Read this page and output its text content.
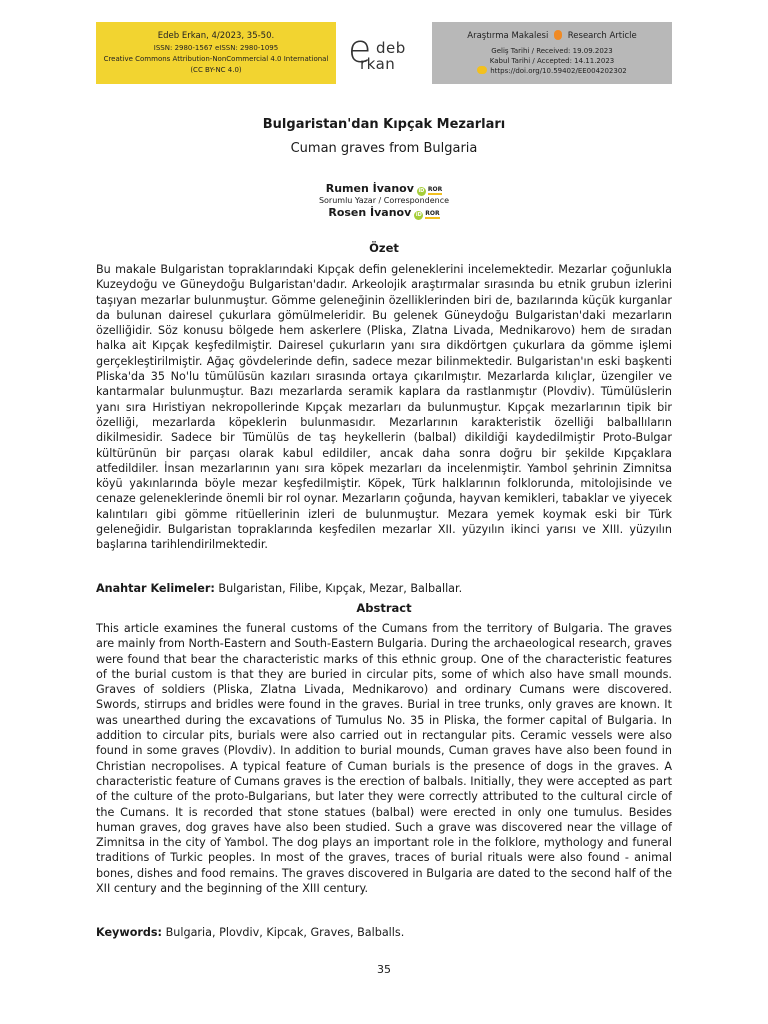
Edeb Erkan, 4/2023, 35-50.
ISSN: 2980-1567 eISSN: 2980-1095
Creative Commons Attribution-NonCommercial 4.0 International
(CC BY-NC 4.0)	e deb
rkan
Araştırma Makalesi Research Article
Geliş Tarihi / Received: 19.09.2023
Kabul Tarihi / Accepted: 14.11.2023
https://doi.org/10.59402/EE004202302
Bulgaristan'dan Kıpçak Mezarları
Cuman graves from Bulgaria
Rumen İvanov iD ROR
Sorumlu Yazar / Correspondence
Rosen İvanov iD ROR
Özet
Bu makale Bulgaristan topraklarındaki Kıpçak defin geleneklerini incelemektedir. Mezarlar çoğunlukla Kuzeydoğu ve Güneydoğu Bulgaristan'dadır. Arkeolojik araştırmalar sırasında bu etnik grubun izlerini taşıyan mezarlar bulunmuştur. Gömme geleneğinin özelliklerinden biri de, bazılarında küçük kurganlar da bulunan dairesel çukurlara gömülmeleridir. Bu gelenek Güneydoğu Bulgaristan'daki mezarların özelliğidir. Söz konusu bölgede hem askerlere (Pliska, Zlatna Livada, Mednikarovo) hem de sıradan halka ait Kıpçak keşfedilmiştir. Dairesel çukurların yanı sıra dikdörtgen çukurlara da gömme işlemi gerçekleştirilmiştir. Ağaç gövdelerinde defin, sadece mezar bilinmektedir. Bulgaristan'ın eski başkenti Pliska'da 35 No'lu tümülüsün kazıları sırasında ortaya çıkarılmıştır. Mezarlarda kılıçlar, üzengiler ve kantarmalar bulunmuştur. Bazı mezarlarda seramik kaplara da rastlanmıştır (Plovdiv). Tümülüslerin yanı sıra Hıristiyan nekropollerinde Kıpçak mezarları da bulunmuştur. Kıpçak mezarlarının tipik bir özelliği, mezarlarda köpeklerin bulunmasıdır. Mezarlarının karakteristik özelliği balballıların dikilmesidir. Sadece bir Tümülüs de taş heykellerin (balbal) dikildiği kaydedilmiştir Proto-Bulgar kültürünün bir parçası olarak kabul edildiler, ancak daha sonra doğru bir şekilde Kıpçaklara atfedildiler. İnsan mezarlarının yanı sıra köpek mezarları da incelenmiştir. Yambol şehrinin Zimnitsa köyü yakınlarında böyle mezar keşfedilmiştir. Köpek, Türk halklarının folklorunda, mitolojisinde ve cenaze geleneklerinde önemli bir rol oynar. Mezarların çoğunda, hayvan kemikleri, tabaklar ve yiyecek kalıntıları gibi gömme ritüellerinin izleri de bulunmuştur. Mezara yemek koymak eski bir Türk geleneğidir. Bulgaristan topraklarında keşfedilen mezarlar XII. yüzyılın ikinci yarısı ve XIII. yüzyılın başlarına tarihlendirilmektedir.
Anahtar Kelimeler: Bulgaristan, Filibe, Kıpçak, Mezar, Balballar.
Abstract
This article examines the funeral customs of the Cumans from the territory of Bulgaria. The graves are mainly from North-Eastern and South-Eastern Bulgaria. During the archaeological research, graves were found that bear the characteristic marks of this ethnic group. One of the characteristic features of the burial custom is that they are buried in circular pits, some of which also have small mounds. Graves of soldiers (Pliska, Zlatna Livada, Mednikarovo) and ordinary Cumans were discovered. Swords, stirrups and bridles were found in the graves. Burial in tree trunks, only graves are known. It was unearthed during the excavations of Tumulus No. 35 in Pliska, the former capital of Bulgaria. In addition to circular pits, burials were also carried out in rectangular pits. Ceramic vessels were also found in some graves (Plovdiv). In addition to burial mounds, Cuman graves have also been found in Christian necropolises. A typical feature of Cuman burials is the presence of dogs in the graves. A characteristic feature of Cumans graves is the erection of balbals. Initially, they were accepted as part of the culture of the proto-Bulgarians, but later they were correctly attributed to the cultural circle of the Cumans. It is recorded that stone statues (balbal) were erected in only one tumulus. Besides human graves, dog graves have also been studied. Such a grave was discovered near the village of Zimnitsa in the city of Yambol. The dog plays an important role in the folklore, mythology and funeral traditions of Turkic peoples. In most of the graves, traces of burial rituals were also found - animal bones, dishes and food remains. The graves discovered in Bulgaria are dated to the second half of the XII century and the beginning of the XIII century.
Keywords: Bulgaria, Plovdiv, Kipcak, Graves, Balballs.
35
